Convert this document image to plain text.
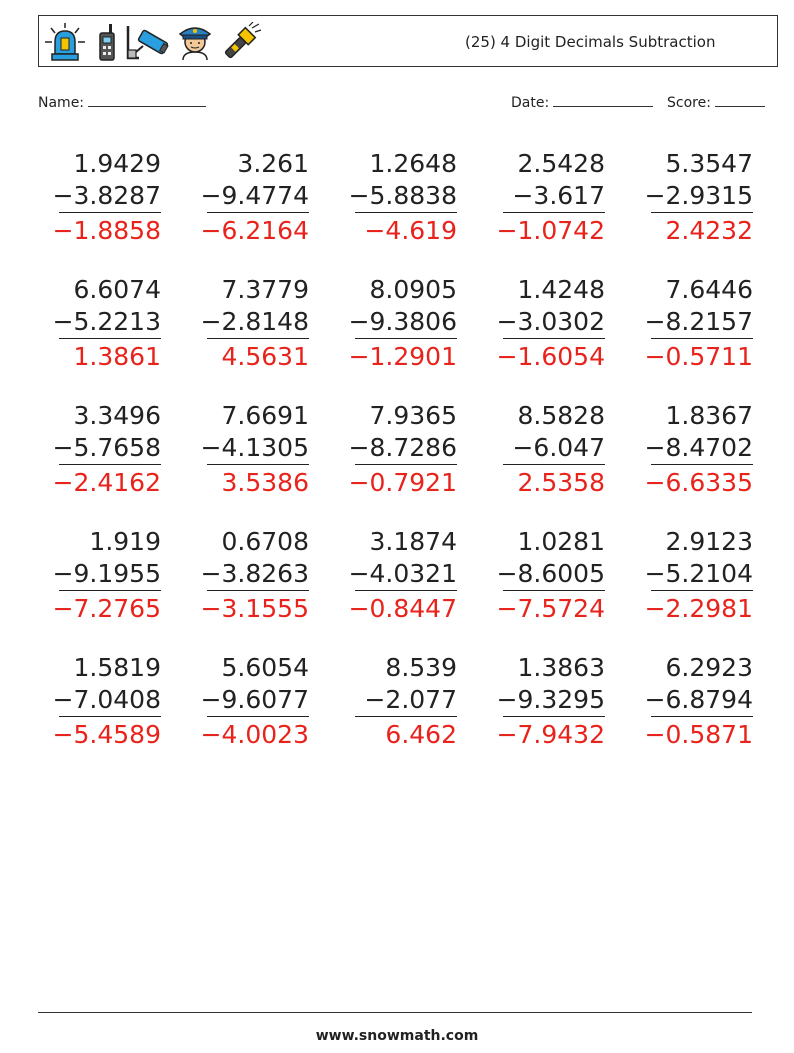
(25) 4 Digit Decimals Subtraction
Name:	Date:	Score:
1.9429
−3.8287
−1.8858
3.261
−9.4774
−6.2164
1.2648
−5.8838
−4.619
2.5428
−3.617
−1.0742
5.3547
−2.9315
2.4232
6.6074
−5.2213
1.3861
7.3779
−2.8148
4.5631
8.0905
−9.3806
−1.2901
1.4248
−3.0302
−1.6054
7.6446
−8.2157
−0.5711
3.3496
−5.7658
−2.4162
7.6691
−4.1305
3.5386
7.9365
−8.7286
−0.7921
8.5828
−6.047
2.5358
1.8367
−8.4702
−6.6335
1.919
−9.1955
−7.2765
0.6708
−3.8263
−3.1555
3.1874
−4.0321
−0.8447
1.0281
−8.6005
−7.5724
2.9123
−5.2104
−2.2981
1.5819
−7.0408
−5.4589
5.6054
−9.6077
−4.0023
8.539
−2.077
6.462
1.3863
−9.3295
−7.9432
6.2923
−6.8794
−0.5871
www.snowmath.com
